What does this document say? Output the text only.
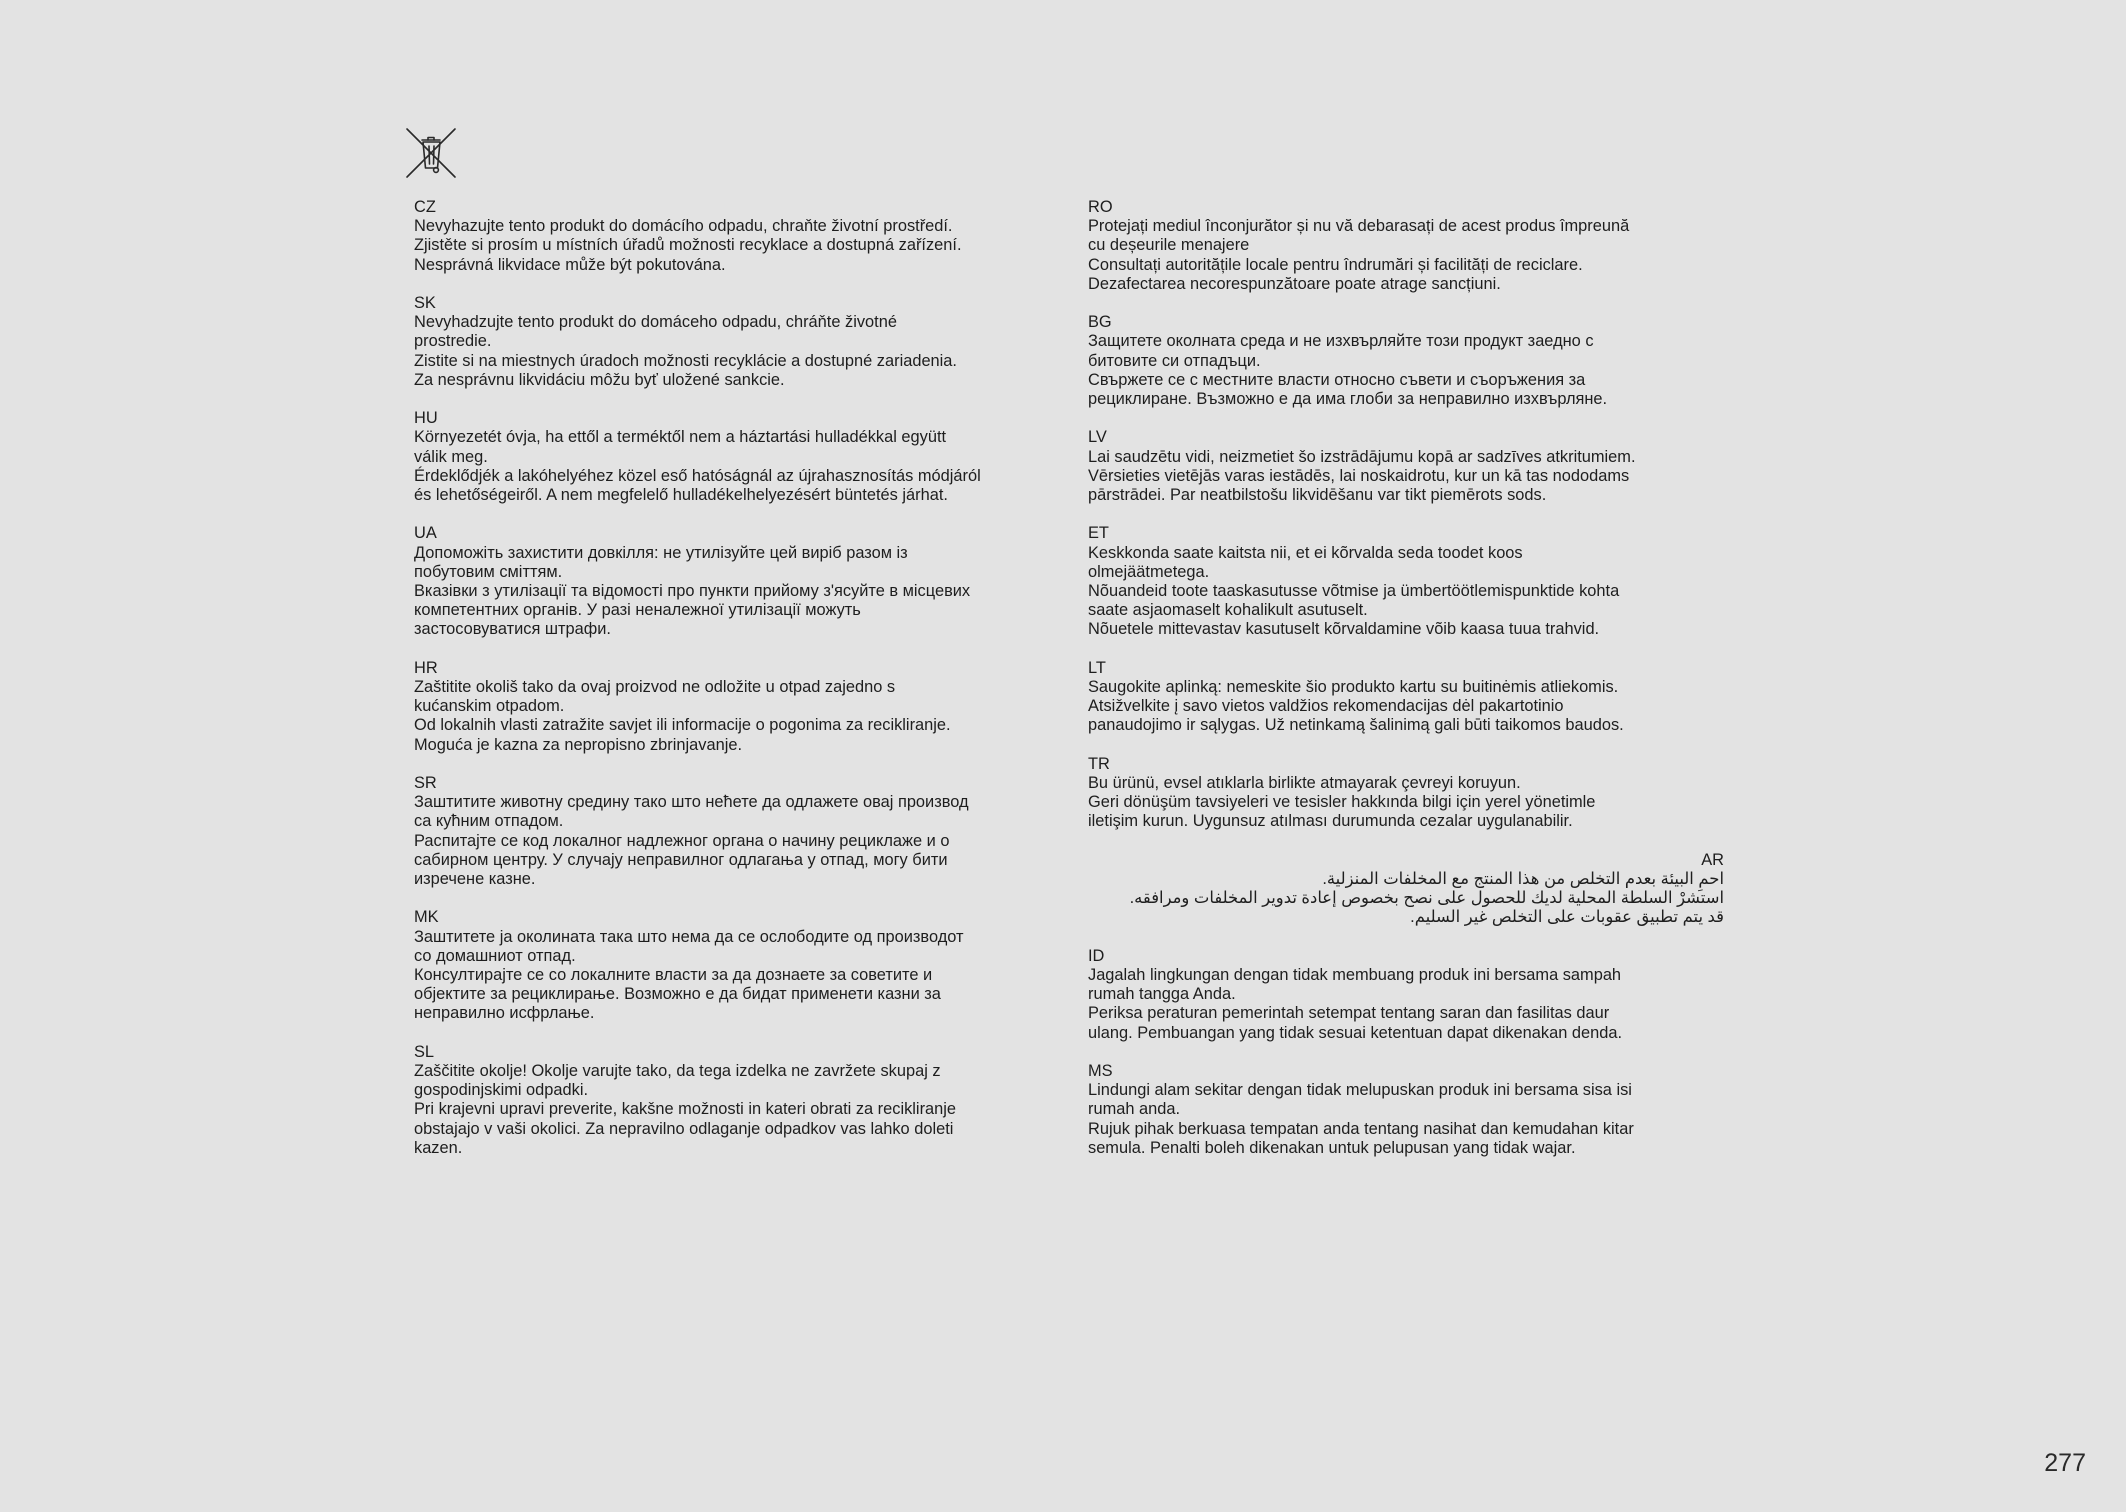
CZ
Nevyhazujte tento produkt do domácího odpadu, chraňte životní prostředí.
Zjistěte si prosím u místních úřadů možnosti recyklace a dostupná zařízení.
Nesprávná likvidace může být pokutována.
SK
Nevyhadzujte tento produkt do domáceho odpadu, chráňte životné
prostredie.
Zistite si na miestnych úradoch možnosti recyklácie a dostupné zariadenia.
Za nesprávnu likvidáciu môžu byť uložené sankcie.
HU
Környezetét óvja, ha ettől a terméktől nem a háztartási hulladékkal együtt
válik meg.
Érdeklődjék a lakóhelyéhez közel eső hatóságnál az újrahasznosítás módjáról
és lehetőségeiről. A nem megfelelő hulladékelhelyezésért büntetés járhat.
UA
Допоможіть захистити довкілля: не утилізуйте цей виріб разом із
побутовим сміттям.
Вказівки з утилізації та відомості про пункти прийому з'ясуйте в місцевих
компетентних органів. У разі неналежної утилізації можуть
застосовуватися штрафи.
HR
Zaštitite okoliš tako da ovaj proizvod ne odložite u otpad zajedno s
kućanskim otpadom.
Od lokalnih vlasti zatražite savjet ili informacije o pogonima za recikliranje.
Moguća je kazna za nepropisno zbrinjavanje.
SR
Заштитите животну средину тако што нећете да одлажете овај производ
са кућним отпадом.
Распитајте се код локалног надлежног органа о начину рециклаже и о
сабирном центру. У случају неправилног одлагања у отпад, могу бити
изречене казне.
MK
Заштитете ја околината така што нема да се ослободите од производот
со домашниот отпад.
Консултирајте се со локалните власти за да дознаете за советите и
објектите за рециклирање. Возможно е да бидат применети казни за
неправилно исфрлање.
SL
Zaščitite okolje! Okolje varujte tako, da tega izdelka ne zavržete skupaj z
gospodinjskimi odpadki.
Pri krajevni upravi preverite, kakšne možnosti in kateri obrati za recikliranje
obstajajo v vaši okolici. Za nepravilno odlaganje odpadkov vas lahko doleti
kazen.
RO
Protejați mediul înconjurător și nu vă debarasați de acest produs împreună
cu deșeurile menajere
Consultați autoritățile locale pentru îndrumări și facilități de reciclare.
Dezafectarea necorespunzătoare poate atrage sancțiuni.
BG
Защитете околната среда и не изхвърляйте този продукт заедно с
битовите си отпадъци.
Свържете се с местните власти относно съвети и съоръжения за
рециклиране. Възможно е да има глоби за неправилно изхвърляне.
LV
Lai saudzētu vidi, neizmetiet šo izstrādājumu kopā ar sadzīves atkritumiem.
Vērsieties vietējās varas iestādēs, lai noskaidrotu, kur un kā tas nododams
pārstrādei. Par neatbilstošu likvidēšanu var tikt piemērots sods.
ET
Keskkonda saate kaitsta nii, et ei kõrvalda seda toodet koos
olmejäätmetega.
Nõuandeid toote taaskasutusse võtmise ja ümbertöötlemispunktide kohta
saate asjaomaselt kohalikult asutuselt.
Nõuetele mittevastav kasutuselt kõrvaldamine võib kaasa tuua trahvid.
LT
Saugokite aplinką: nemeskite šio produkto kartu su buitinėmis atliekomis.
Atsižvelkite į savo vietos valdžios rekomendacijas dėl pakartotinio
panaudojimo ir sąlygas. Už netinkamą šalinimą gali būti taikomos baudos.
TR
Bu ürünü, evsel atıklarla birlikte atmayarak çevreyi koruyun.
Geri dönüşüm tavsiyeleri ve tesisler hakkında bilgi için yerel yönetimle
iletişim kurun. Uygunsuz atılması durumunda cezalar uygulanabilir.
AR
احمِ البيئة بعدم التخلص من هذا المنتج مع المخلفات المنزلية.
استشرْ السلطة المحلية لديك للحصول على نصح بخصوص إعادة تدوير المخلفات ومرافقه.
قد يتم تطبيق عقوبات على التخلص غير السليم.
ID
Jagalah lingkungan dengan tidak membuang produk ini bersama sampah
rumah tangga Anda.
Periksa peraturan pemerintah setempat tentang saran dan fasilitas daur
ulang. Pembuangan yang tidak sesuai ketentuan dapat dikenakan denda.
MS
Lindungi alam sekitar dengan tidak melupuskan produk ini bersama sisa isi
rumah anda.
Rujuk pihak berkuasa tempatan anda tentang nasihat dan kemudahan kitar
semula. Penalti boleh dikenakan untuk pelupusan yang tidak wajar.
277
